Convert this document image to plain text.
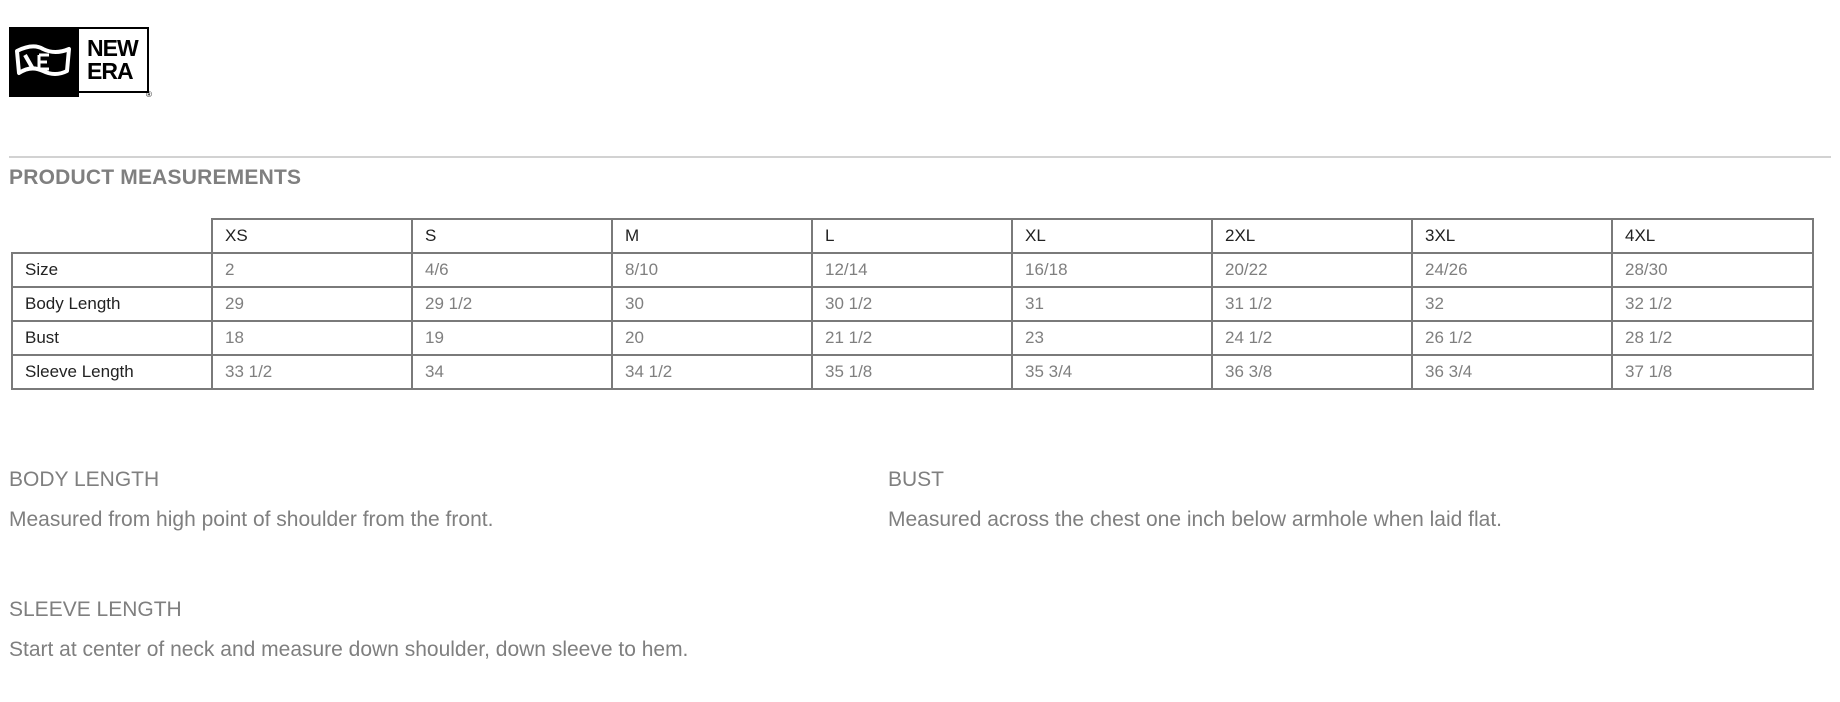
NEW
ERA
®
PRODUCT MEASUREMENTS
	XS	S	M	L	XL	2XL	3XL	4XL
Size	2	4/6	8/10	12/14	16/18	20/22	24/26	28/30
Body Length	29	29 1/2	30	30 1/2	31	31 1/2	32	32 1/2
Bust	18	19	20	21 1/2	23	24 1/2	26 1/2	28 1/2
Sleeve Length	33 1/2	34	34 1/2	35 1/8	35 3/4	36 3/8	36 3/4	37 1/8
BODY LENGTH

Measured from high point of shoulder from the front.

BUST

Measured across the chest one inch below armhole when laid flat.

SLEEVE LENGTH

Start at center of neck and measure down shoulder, down sleeve to hem.
